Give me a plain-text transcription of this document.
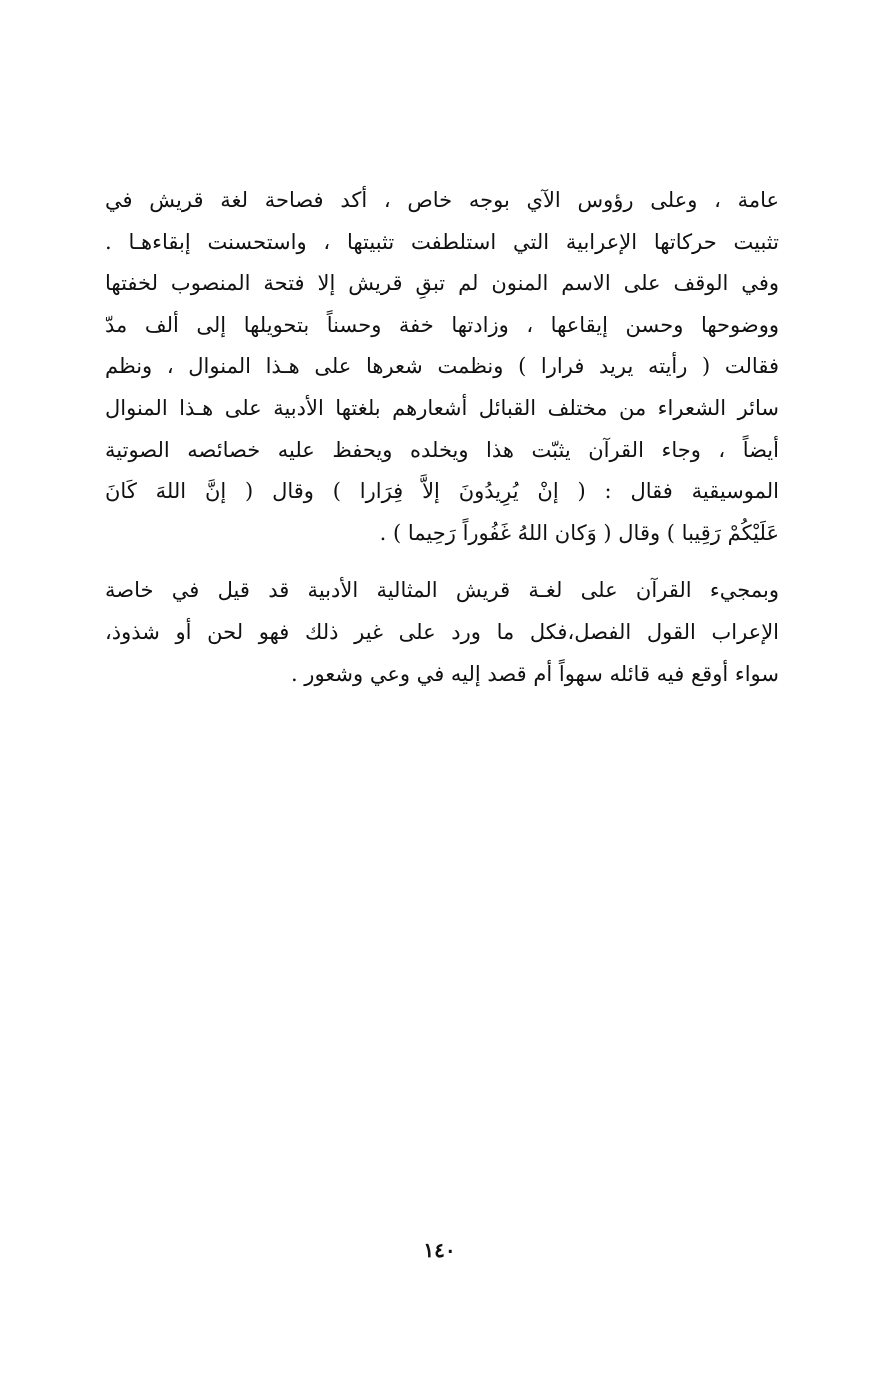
عامة ، وعلى رؤوس الآي بوجه خاص ، أكد فصاحة لغة قريش في
تثبيت حركاتها الإعرابية التي استلطفت تثبيتها ، واستحسنت إبقاءهـا .
وفي الوقف على الاسم المنون لم تبقِ قريش إلا فتحة المنصوب لخفتها
ووضوحها وحسن إيقاعها ، وزادتها خفة وحسناً بتحويلها إلى ألف مدّ
فقالت ( رأيته يريد فرارا ) ونظمت شعرها على هـذا المنوال ، ونظم
سائر الشعراء من مختلف القبائل أشعارهم بلغتها الأدبية على هـذا المنوال
أيضاً ، وجاء القرآن يثبّت هذا ويخلده ويحفظ عليه خصائصه الصوتية
الموسيقية فقال : ( إنْ يُرِيدُونَ إلاَّ فِرَارا ) وقال ( إنَّ اللهَ كَانَ
عَلَيْكُمْ رَقِيبا ) وقال ( وَكان اللهُ غَفُوراً رَحِيما ) .
وبمجيء القرآن على لغـة قريش المثالية الأدبية قد قيل في خاصة
الإعراب القول الفصل،فكل ما ورد على غير ذلك فهو لحن أو شذوذ،
سواء أوقع فيه قائله سهواً أم قصد إليه في وعي وشعور .
١٤٠
